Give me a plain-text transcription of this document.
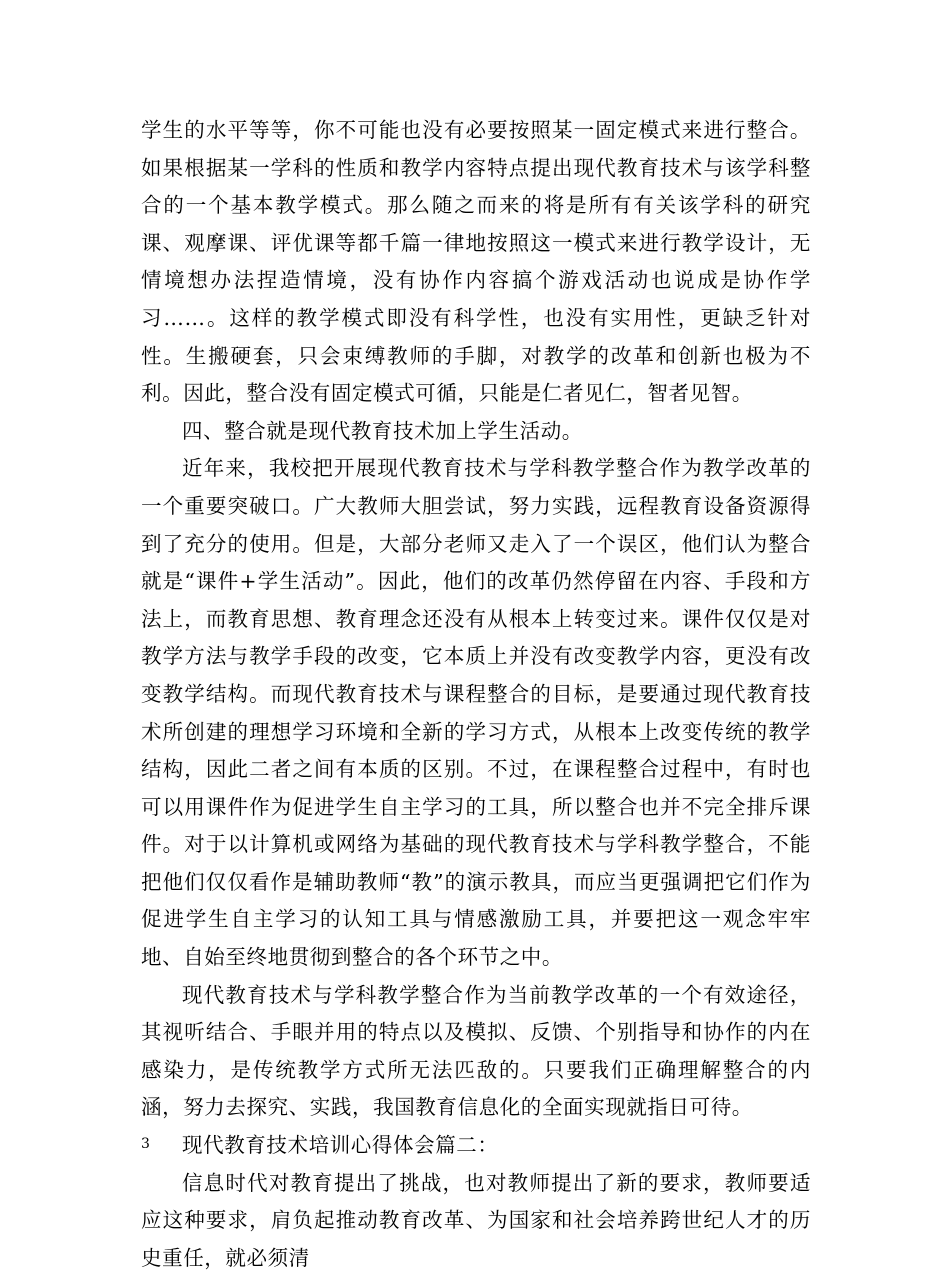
学生的水平等等，你不可能也没有必要按照某一固定模式来进行整合。如果根据某一学科的性质和教学内容特点提出现代教育技术与该学科整合的一个基本教学模式。那么随之而来的将是所有有关该学科的研究课、观摩课、评优课等都千篇一律地按照这一模式来进行教学设计，无情境想办法捏造情境，没有协作内容搞个游戏活动也说成是协作学习……。这样的教学模式即没有科学性，也没有实用性，更缺乏针对性。生搬硬套，只会束缚教师的手脚，对教学的改革和创新也极为不利。因此，整合没有固定模式可循，只能是仁者见仁，智者见智。

四、整合就是现代教育技术加上学生活动。

近年来，我校把开展现代教育技术与学科教学整合作为教学改革的一个重要突破口。广大教师大胆尝试，努力实践，远程教育设备资源得到了充分的使用。但是，大部分老师又走入了一个误区，他们认为整合就是“课件+学生活动”。因此，他们的改革仍然停留在内容、手段和方法上，而教育思想、教育理念还没有从根本上转变过来。课件仅仅是对教学方法与教学手段的改变，它本质上并没有改变教学内容，更没有改变教学结构。而现代教育技术与课程整合的目标，是要通过现代教育技术所创建的理想学习环境和全新的学习方式，从根本上改变传统的教学结构，因此二者之间有本质的区别。不过，在课程整合过程中，有时也可以用课件作为促进学生自主学习的工具，所以整合也并不完全排斥课件。对于以计算机或网络为基础的现代教育技术与学科教学整合，不能把他们仅仅看作是辅助教师“教”的演示教具，而应当更强调把它们作为促进学生自主学习的认知工具与情感激励工具，并要把这一观念牢牢地、自始至终地贯彻到整合的各个环节之中。

现代教育技术与学科教学整合作为当前教学改革的一个有效途径，其视听结合、手眼并用的特点以及模拟、反馈、个别指导和协作的内在感染力，是传统教学方式所无法匹敌的。只要我们正确理解整合的内涵，努力去探究、实践，我国教育信息化的全面实现就指日可待。

现代教育技术培训心得体会篇二：

信息时代对教育提出了挑战，也对教师提出了新的要求，教师要适应这种要求，肩负起推动教育改革、为国家和社会培养跨世纪人才的历史重任，就必须清

3
